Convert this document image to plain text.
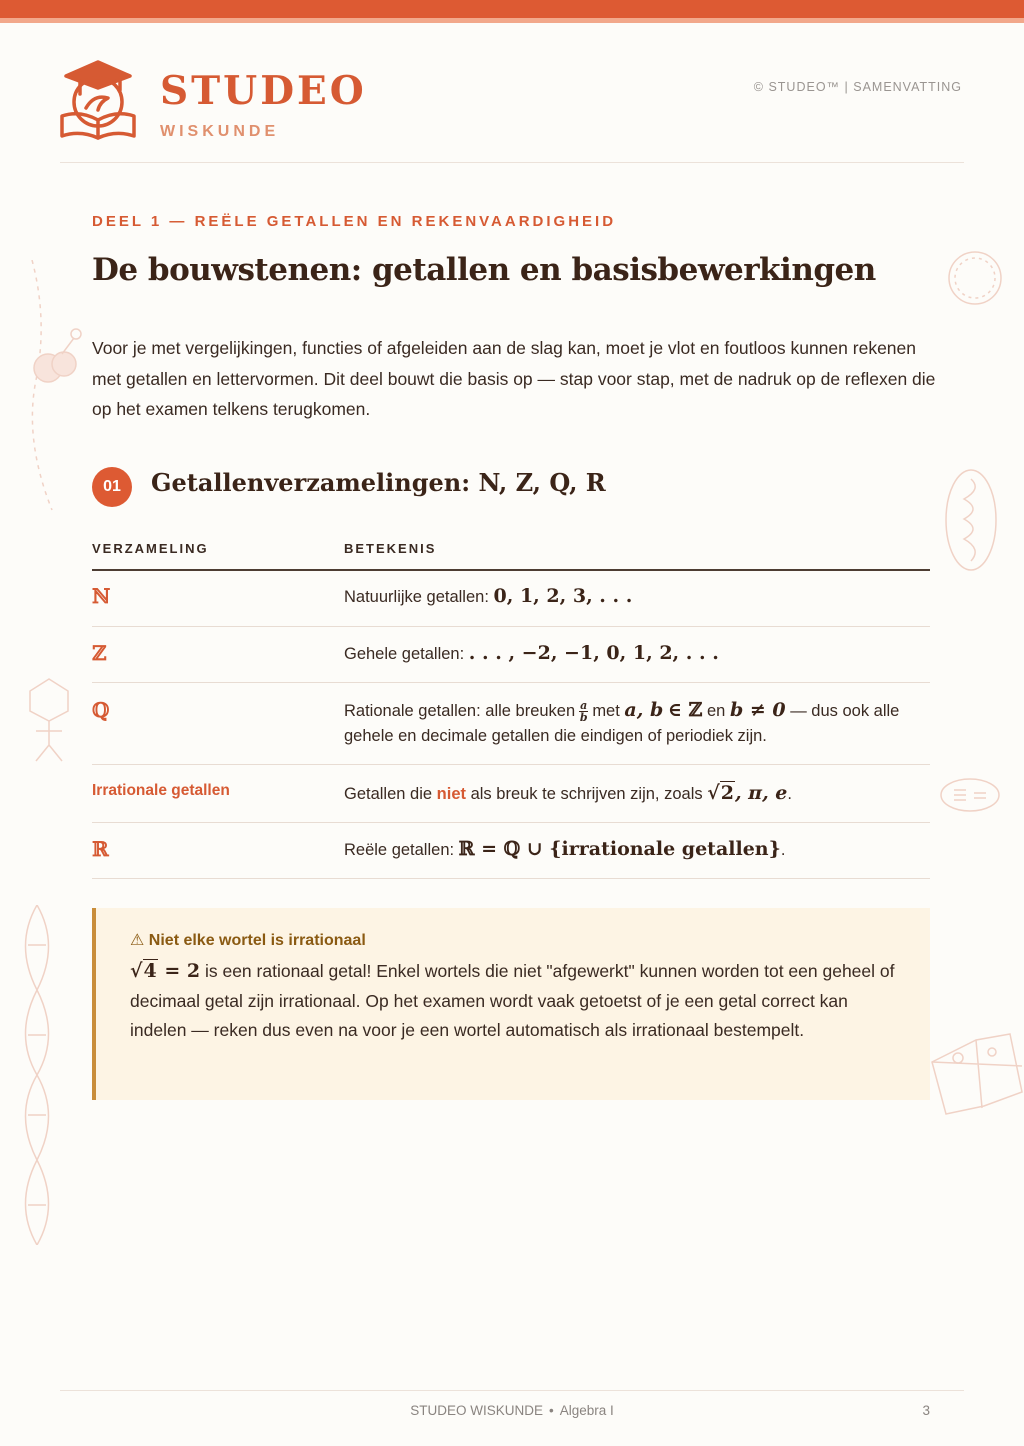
STUDEO
WISKUNDE
© STUDEO™ | SAMENVATTING
DEEL 1 — REËLE GETALLEN EN REKENVAARDIGHEID
De bouwstenen: getallen en basisbewerkingen

Voor je met vergelijkingen, functies of afgeleiden aan de slag kan, moet je vlot en foutloos kunnen rekenen met getallen en lettervormen. Dit deel bouwt die basis op — stap voor stap, met de nadruk op de reflexen die op het examen telkens terugkomen.

01	Getallenverzamelingen: N, Z, Q, R
VERZAMELING	BETEKENIS
ℕ	Natuurlijke getallen: 0, 1, 2, 3, . . .
ℤ	Gehele getallen: . . . , −2, −1, 0, 1, 2, . . .
ℚ	Rationale getallen: alle breuken $\frac{a}{b}$ met a, b ∈ ℤ en b ≠ 0 — dus ook alle gehele en decimale getallen die eindigen of periodiek zijn.
Irrationale getallen	Getallen die niet als breuk te schrijven zijn, zoals √2, π, e.
ℝ	Reële getallen: ℝ = ℚ ∪ {irrationale getallen}.
⚠ Niet elke wortel is irrationaal
√4 = 2 is een rationaal getal! Enkel wortels die niet "afgewerkt" kunnen worden tot een geheel of decimaal getal zijn irrationaal. Op het examen wordt vaak getoetst of je een getal correct kan indelen — reken dus even na voor je een wortel automatisch als irrationaal bestempelt.
STUDEO WISKUNDE • Algebra I	3
